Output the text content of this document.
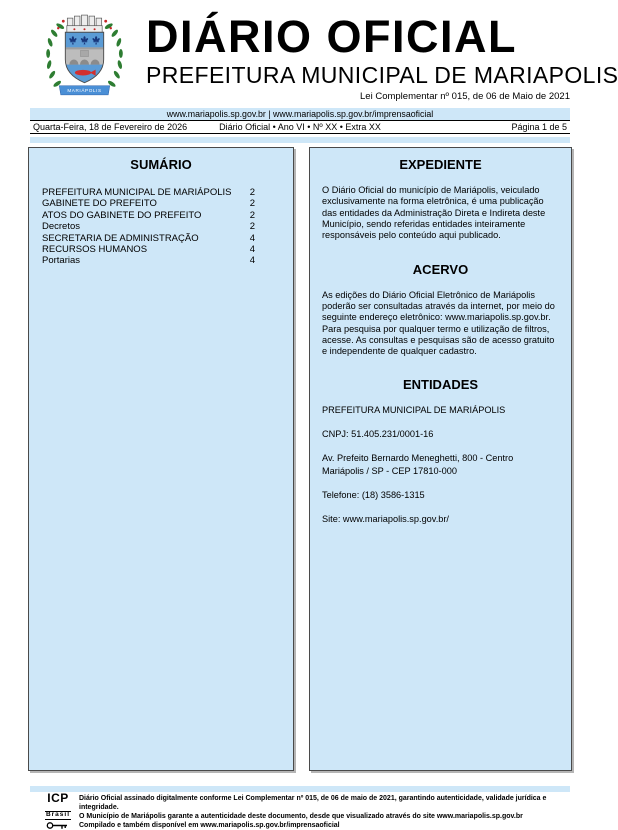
MARIÁPOLIS
DIÁRIO OFICIAL
PREFEITURA MUNICIPAL DE MARIAPOLIS
Lei Complementar nº 015, de 06 de Maio de 2021
www.mariapolis.sp.gov.br | www.mariapolis.sp.gov.br/imprensaoficial
Quarta-Feira, 18 de Fevereiro de 2026	Diário Oficial • Ano VI • Nº XX • Extra XX	Página 1 de 5
SUMÁRIO
PREFEITURA MUNICIPAL DE MARIÁPOLIS	2
GABINETE DO PREFEITO	2
ATOS DO GABINETE DO PREFEITO	2
Decretos	2
SECRETARIA DE ADMINISTRAÇÃO	4
RECURSOS HUMANOS	4
Portarias	4
EXPEDIENTE

O Diário Oficial do município de Mariápolis, veiculado exclusivamente na forma eletrônica, é uma publicação das entidades da Administração Direta e Indireta deste Município, sendo referidas entidades inteiramente responsáveis pelo conteúdo aqui publicado.

ACERVO

As edições do Diário Oficial Eletrônico de Mariápolis poderão ser consultadas através da internet, por meio do seguinte endereço eletrônico: www.mariapolis.sp.gov.br. Para pesquisa por qualquer termo e utilização de filtros, acesse. As consultas e pesquisas são de acesso gratuito e independente de qualquer cadastro.

ENTIDADES
PREFEITURA MUNICIPAL DE MARIÁPOLIS
CNPJ: 51.405.231/0001-16
Av. Prefeito Bernardo Meneghetti, 800 - Centro
Mariápolis / SP - CEP 17810-000
Telefone: (18) 3586-1315
Site: www.mariapolis.sp.gov.br/
ICP
Brasil
Diário Oficial assinado digitalmente conforme Lei Complementar nº 015, de 06 de maio de 2021, garantindo autenticidade, validade jurídica e integridade.
O Município de Mariápolis garante a autenticidade deste documento, desde que visualizado através do site www.mariapolis.sp.gov.br
Compilado e também disponível em www.mariapolis.sp.gov.br/imprensaoficial
